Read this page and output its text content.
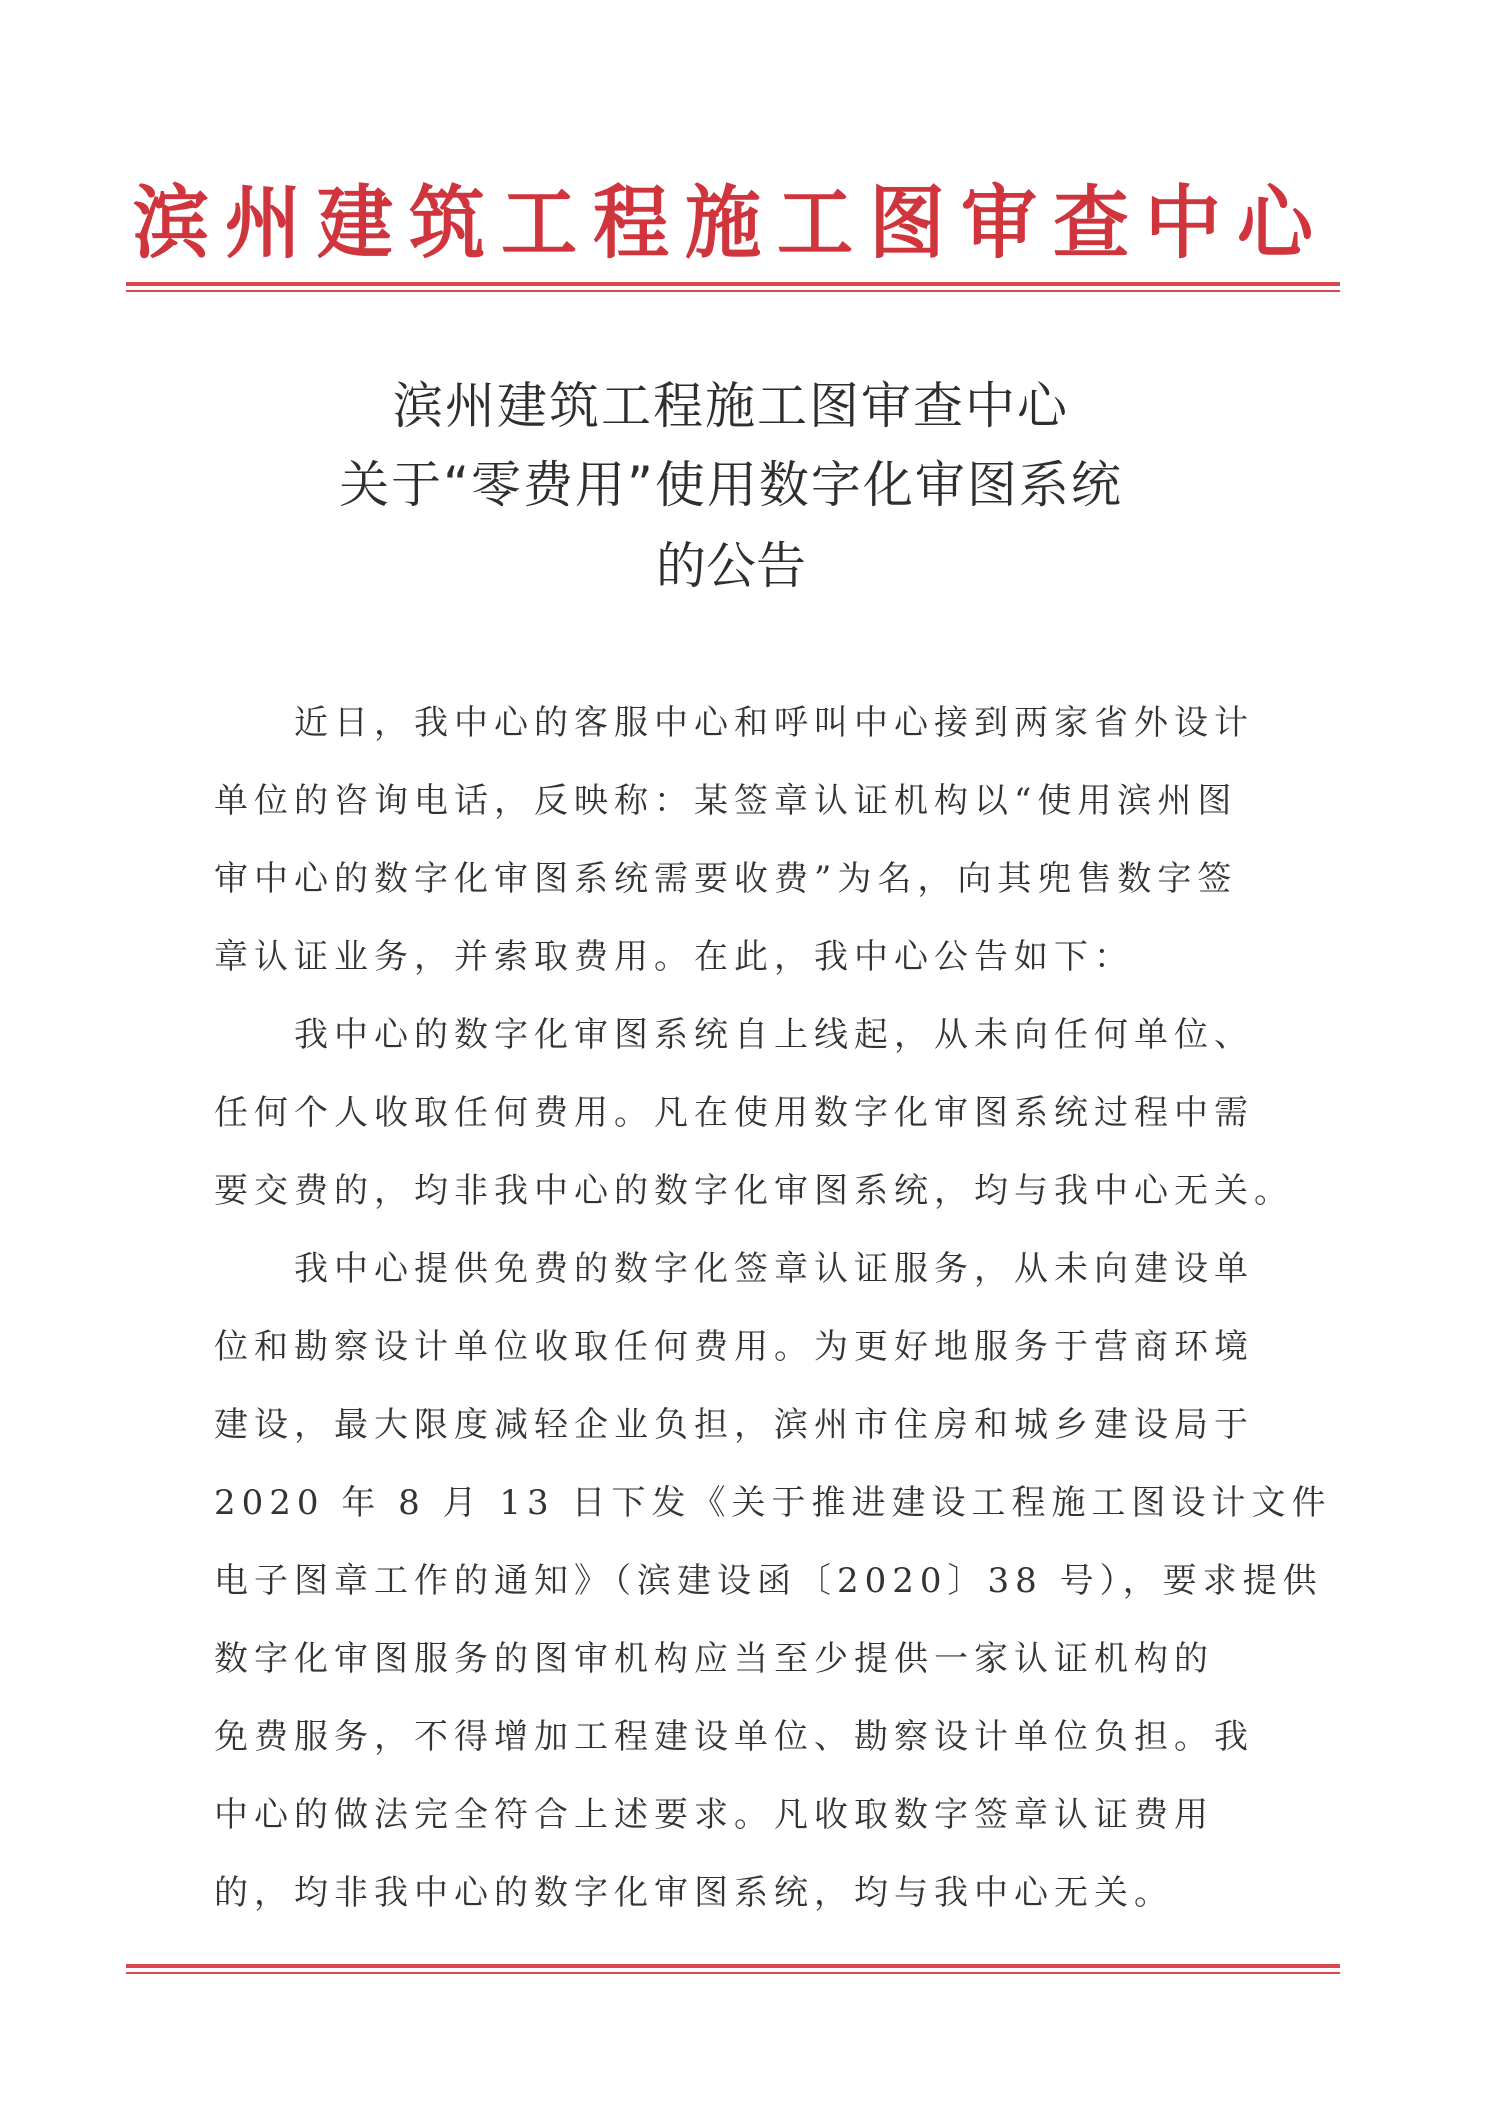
滨州建筑工程施工图审查中心
滨州建筑工程施工图审查中心
关于“零费用”使用数字化审图系统
的公告
近日，我中心的客服中心和呼叫中心接到两家省外设计
单位的咨询电话，反映称：某签章认证机构以“使用滨州图
审中心的数字化审图系统需要收费”为名，向其兜售数字签
章认证业务，并索取费用。在此，我中心公告如下：
我中心的数字化审图系统自上线起，从未向任何单位、
任何个人收取任何费用。凡在使用数字化审图系统过程中需
要交费的，均非我中心的数字化审图系统，均与我中心无关。
我中心提供免费的数字化签章认证服务，从未向建设单
位和勘察设计单位收取任何费用。为更好地服务于营商环境
建设，最大限度减轻企业负担，滨州市住房和城乡建设局于
2020 年 8 月 13 日下发《关于推进建设工程施工图设计文件
电子图章工作的通知》（滨建设函〔2020〕38 号），要求提供
数字化审图服务的图审机构应当至少提供一家认证机构的
免费服务，不得增加工程建设单位、勘察设计单位负担。我
中心的做法完全符合上述要求。凡收取数字签章认证费用
的，均非我中心的数字化审图系统，均与我中心无关。
